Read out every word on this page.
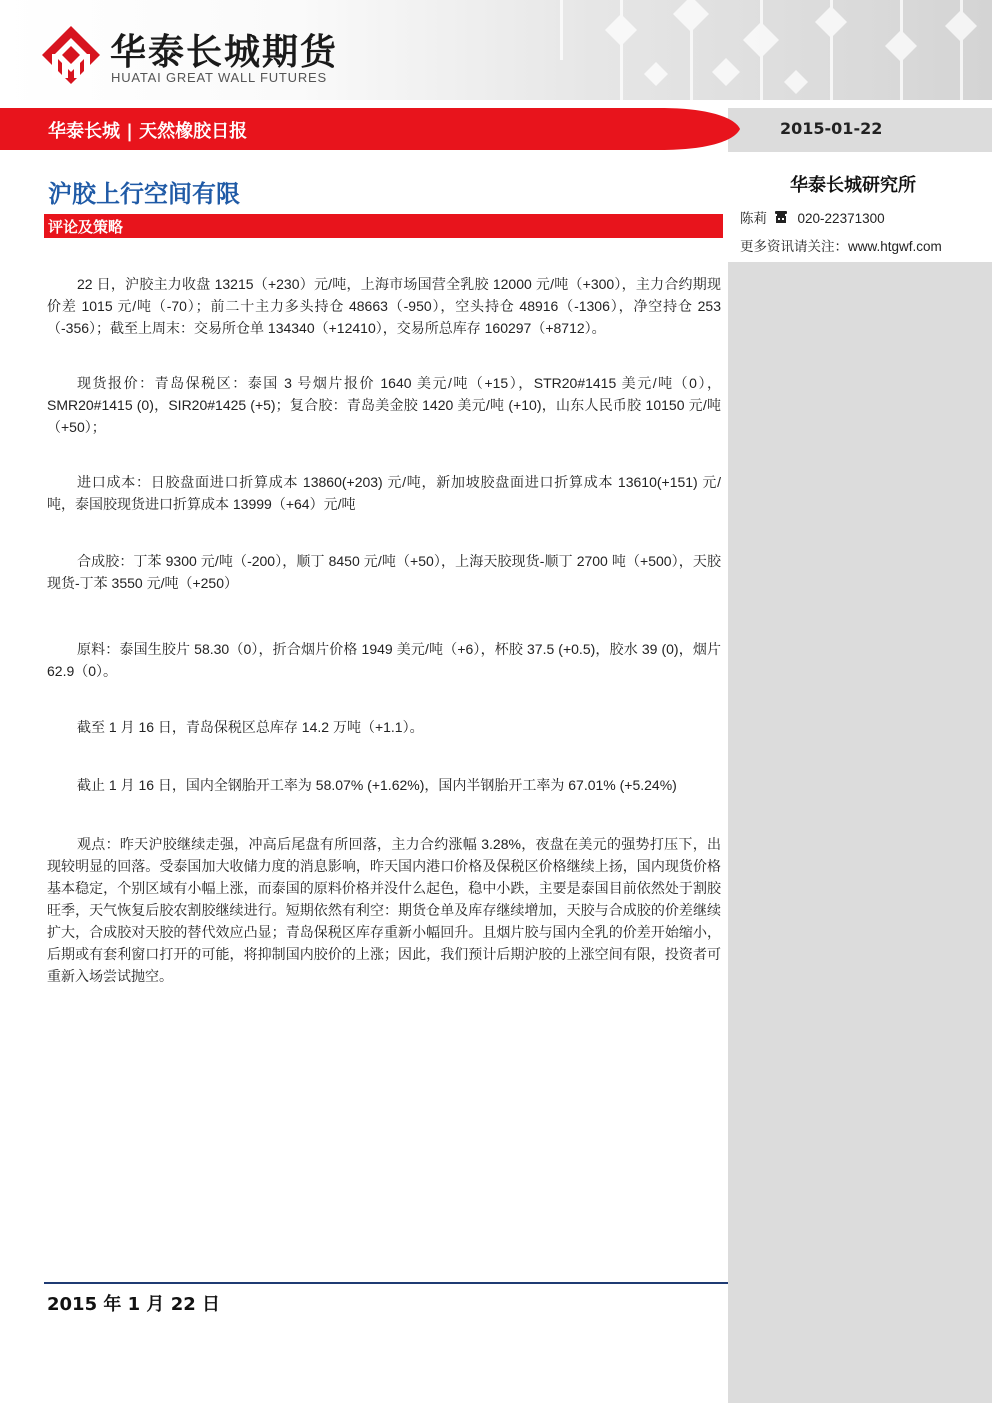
华泰长城期货
HUATAI GREAT WALL FUTURES
2015-01-22
华泰长城 | 天然橡胶日报
华泰长城研究所
陈莉 020-22371300
更多资讯请关注：www.htgwf.com
沪胶上行空间有限
评论及策略

22 日，沪胶主力收盘 13215（+230）元/吨，上海市场国营全乳胶 12000 元/吨（+300），主力合约期现价差 1015 元/吨（-70）；前二十主力多头持仓 48663（-950），空头持仓 48916（-1306），净空持仓 253（-356）；截至上周末：交易所仓单 134340（+12410），交易所总库存 160297（+8712）。

现货报价：青岛保税区：泰国 3 号烟片报价 1640 美元/吨（+15），STR20#1415 美元/吨（0），SMR20#1415 (0)，SIR20#1425 (+5)；复合胶：青岛美金胶 1420 美元/吨 (+10)，山东人民币胶 10150 元/吨（+50）；

进口成本：日胶盘面进口折算成本 13860(+203) 元/吨，新加坡胶盘面进口折算成本 13610(+151) 元/吨，泰国胶现货进口折算成本 13999（+64）元/吨

合成胶：丁苯 9300 元/吨（-200），顺丁 8450 元/吨（+50），上海天胶现货-顺丁 2700 吨（+500），天胶现货-丁苯 3550 元/吨（+250）

原料：泰国生胶片 58.30（0），折合烟片价格 1949 美元/吨（+6），杯胶 37.5 (+0.5)，胶水 39 (0)，烟片 62.9（0）。

截至 1 月 16 日，青岛保税区总库存 14.2 万吨（+1.1）。

截止 1 月 16 日，国内全钢胎开工率为 58.07% (+1.62%)，国内半钢胎开工率为 67.01% (+5.24%)

观点：昨天沪胶继续走强，冲高后尾盘有所回落，主力合约涨幅 3.28%，夜盘在美元的强势打压下，出现较明显的回落。受泰国加大收储力度的消息影响，昨天国内港口价格及保税区价格继续上扬，国内现货价格基本稳定，个别区域有小幅上涨，而泰国的原料价格并没什么起色，稳中小跌，主要是泰国目前依然处于割胶旺季，天气恢复后胶农割胶继续进行。短期依然有利空：期货仓单及库存继续增加，天胶与合成胶的价差继续扩大，合成胶对天胶的替代效应凸显；青岛保税区库存重新小幅回升。且烟片胶与国内全乳的价差开始缩小，后期或有套利窗口打开的可能，将抑制国内胶价的上涨；因此，我们预计后期沪胶的上涨空间有限，投资者可重新入场尝试抛空。

2015 年 1 月 22 日
